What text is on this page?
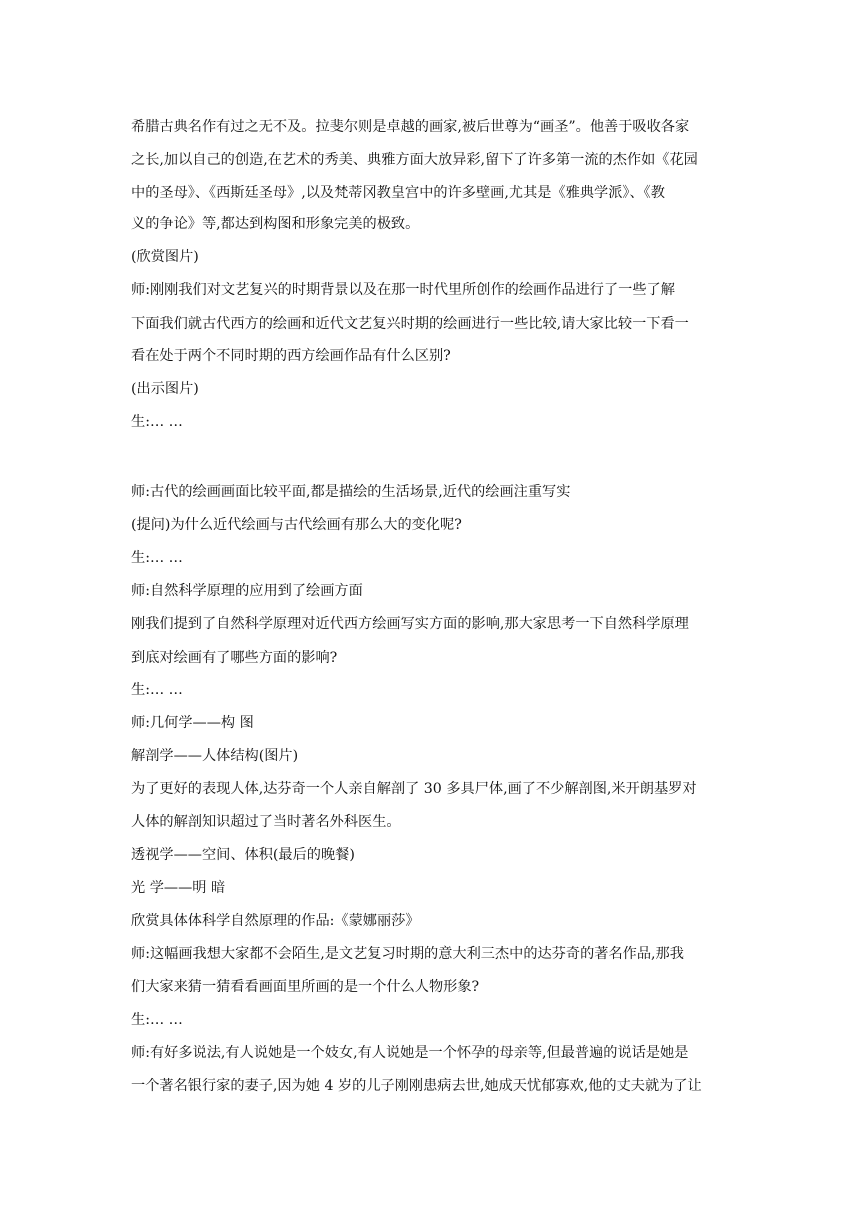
希腊古典名作有过之无不及。拉斐尔则是卓越的画家,被后世尊为“画圣”。他善于吸收各家
之长,加以自己的创造,在艺术的秀美、典雅方面大放异彩,留下了许多第一流的杰作如《花园
中的圣母》、《西斯廷圣母》,以及梵蒂冈教皇宫中的许多壁画,尤其是《雅典学派》、《教
义的争论》等,都达到构图和形象完美的极致。
(欣赏图片)
师:刚刚我们对文艺复兴的时期背景以及在那一时代里所创作的绘画作品进行了一些了解
下面我们就古代西方的绘画和近代文艺复兴时期的绘画进行一些比较,请大家比较一下看一
看在处于两个不同时期的西方绘画作品有什么区别?
(出示图片)
生:… …
师:古代的绘画画面比较平面,都是描绘的生活场景,近代的绘画注重写实
(提问)为什么近代绘画与古代绘画有那么大的变化呢?
生:… …
师:自然科学原理的应用到了绘画方面
刚我们提到了自然科学原理对近代西方绘画写实方面的影响,那大家思考一下自然科学原理
到底对绘画有了哪些方面的影响?
生:… …
师:几何学——构 图
解剖学——人体结构(图片)
为了更好的表现人体,达芬奇一个人亲自解剖了 30 多具尸体,画了不少解剖图,米开朗基罗对
人体的解剖知识超过了当时著名外科医生。
透视学——空间、体积(最后的晚餐)
光 学——明 暗
欣赏具体体科学自然原理的作品:《蒙娜丽莎》
师:这幅画我想大家都不会陌生,是文艺复习时期的意大利三杰中的达芬奇的著名作品,那我
们大家来猜一猜看看画面里所画的是一个什么人物形象?
生:… …
师:有好多说法,有人说她是一个妓女,有人说她是一个怀孕的母亲等,但最普遍的说话是她是
一个著名银行家的妻子,因为她 4 岁的儿子刚刚患病去世,她成天忧郁寡欢,他的丈夫就为了让
